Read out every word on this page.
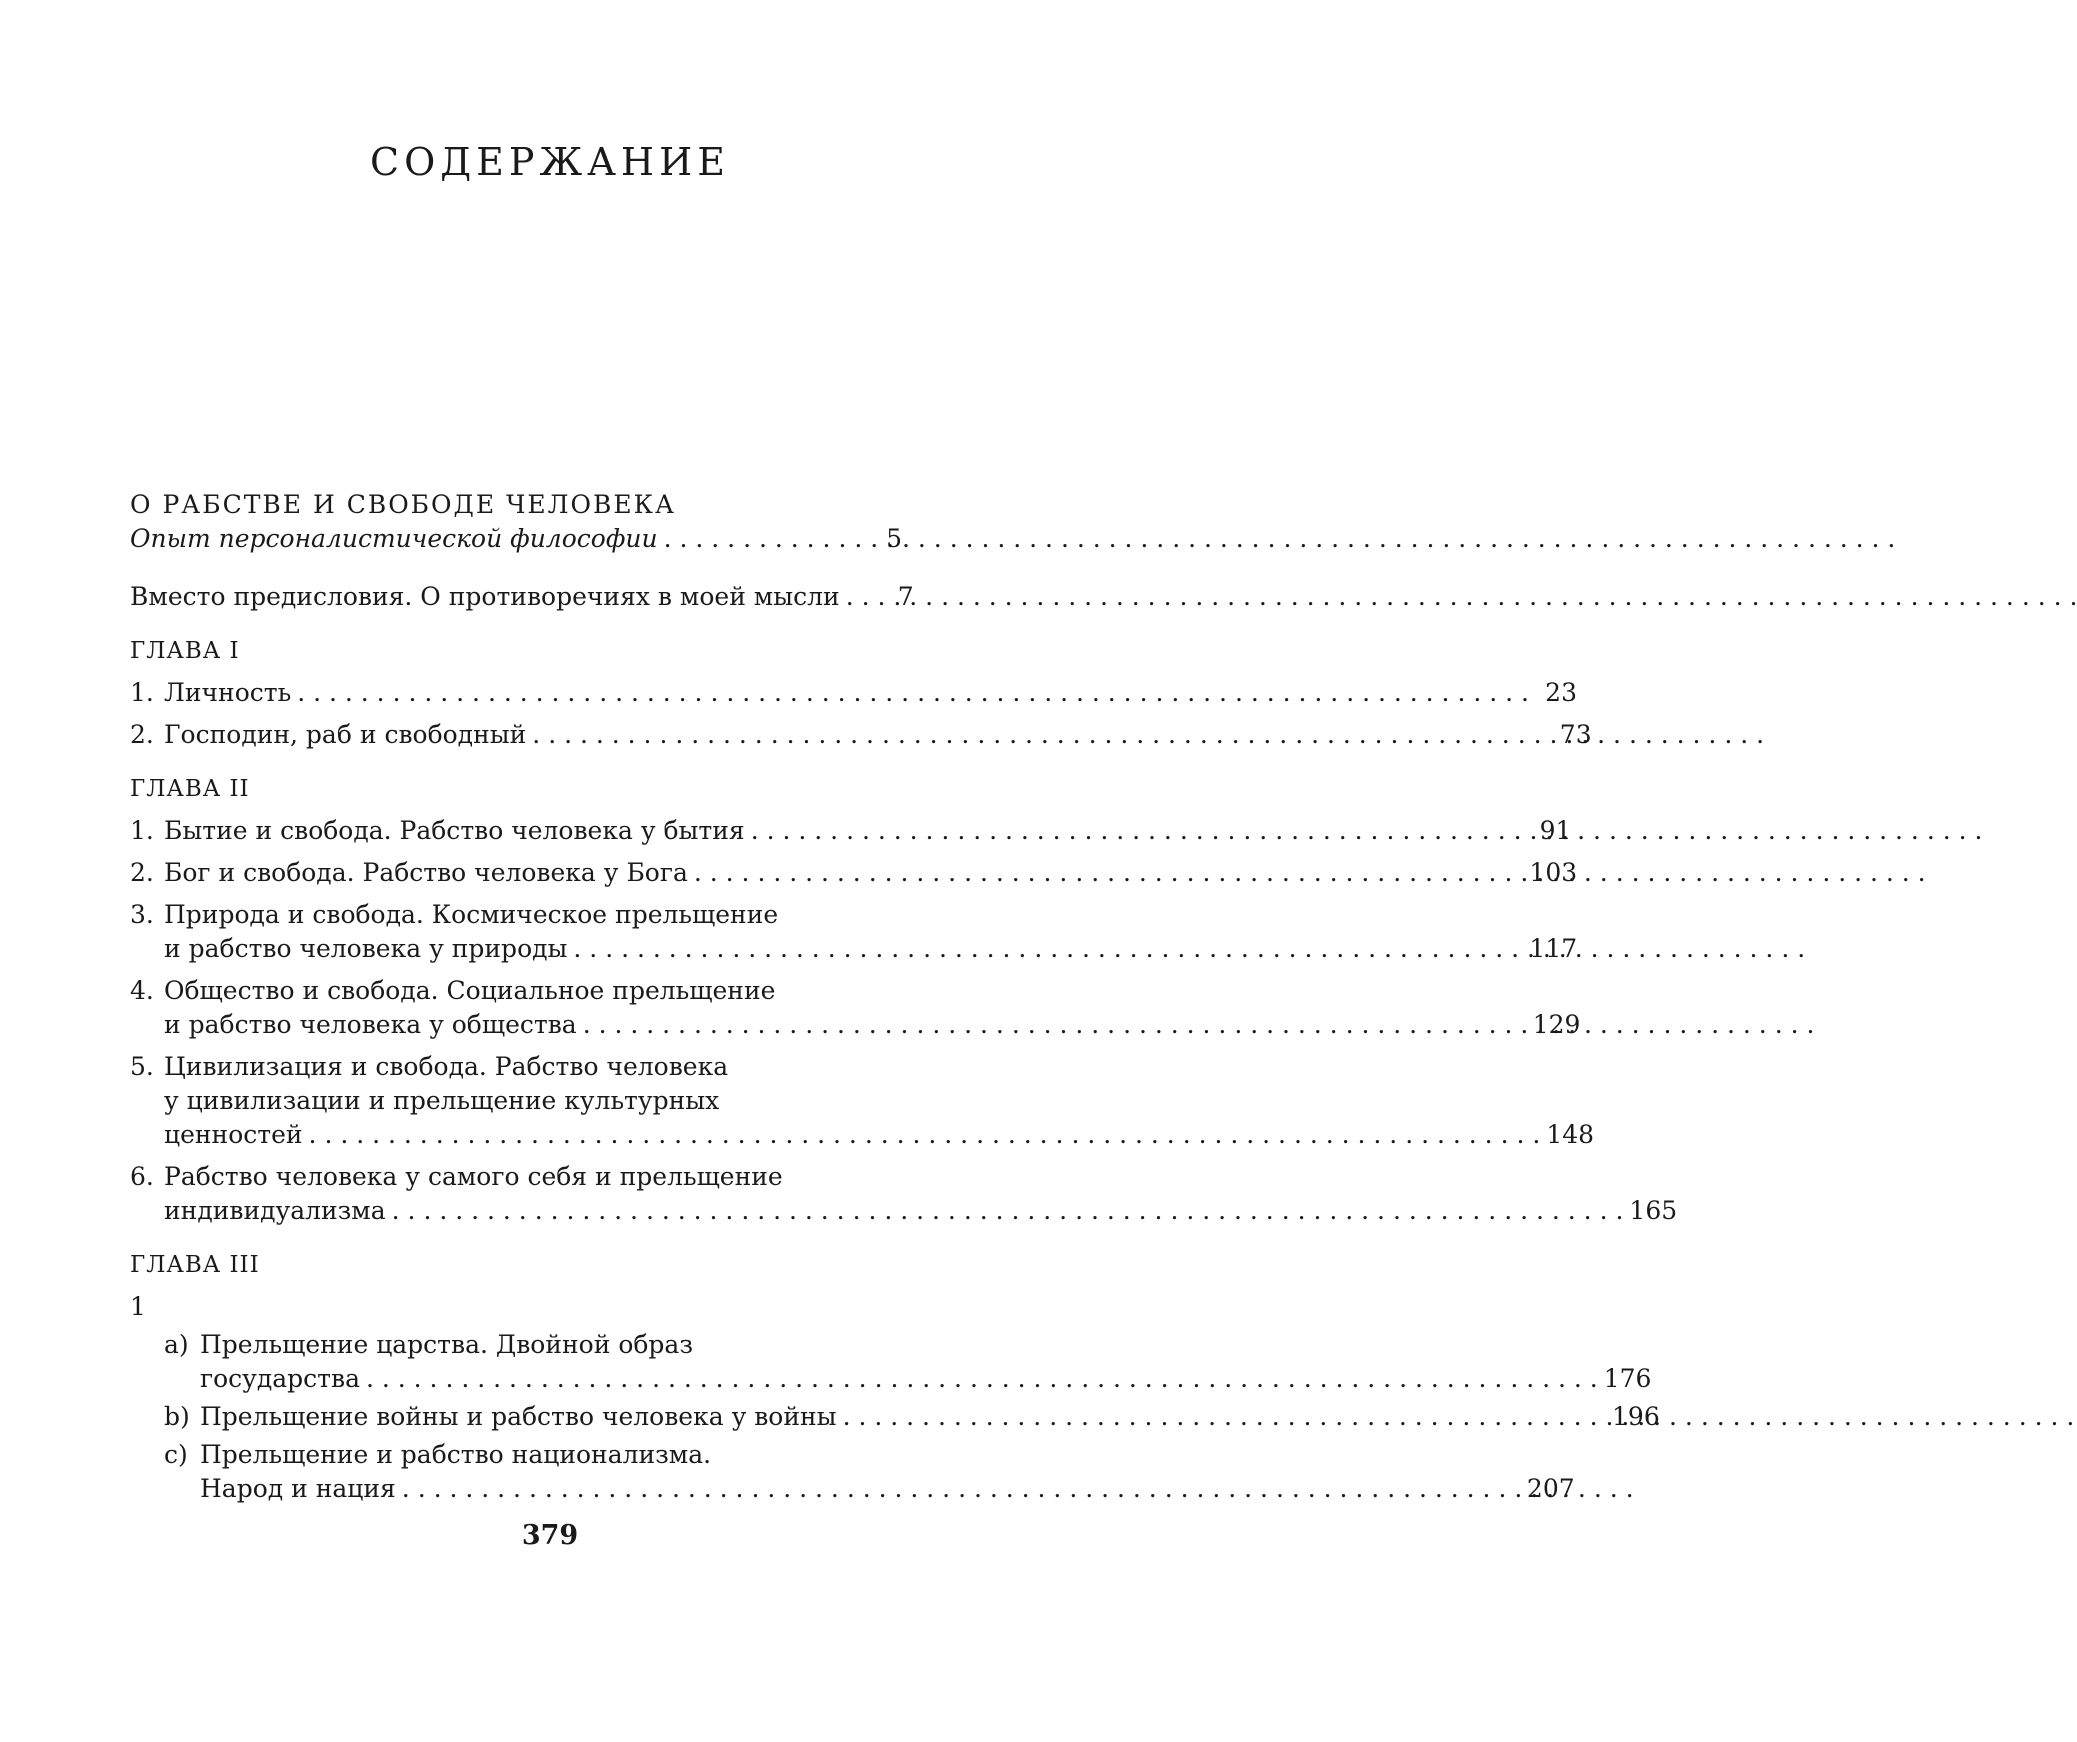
СОДЕРЖАНИЕ
О РАБСТВЕ И СВОБОДЕ ЧЕЛОВЕКА
Опыт персоналистической философии . . .	5
Вместо предисловия. О противоречиях в моей мысли . . .	7
ГЛАВА I
1. Личность . . .	23
2. Господин, раб и свободный . . .	73
ГЛАВА II
1. Бытие и свобода. Рабство человека у бытия . . .	91
2. Бог и свобода. Рабство человека у Бога . . .	103
3. Природа и свобода. Космическое прельщение
и рабство человека у природы . . .	117
4. Общество и свобода. Социальное прельщение
и рабство человека у общества . . .	129
5. Цивилизация и свобода. Рабство человека
у цивилизации и прельщение культурных
ценностей . . .	148
6. Рабство человека у самого себя и прельщение
индивидуализма . . .	165
ГЛАВА III
1
a) Прельщение царства. Двойной образ
государства . . .	176
b) Прельщение войны и рабство человека у войны . . .	196
c) Прельщение и рабство национализма.
Народ и нация . . .	207
379
